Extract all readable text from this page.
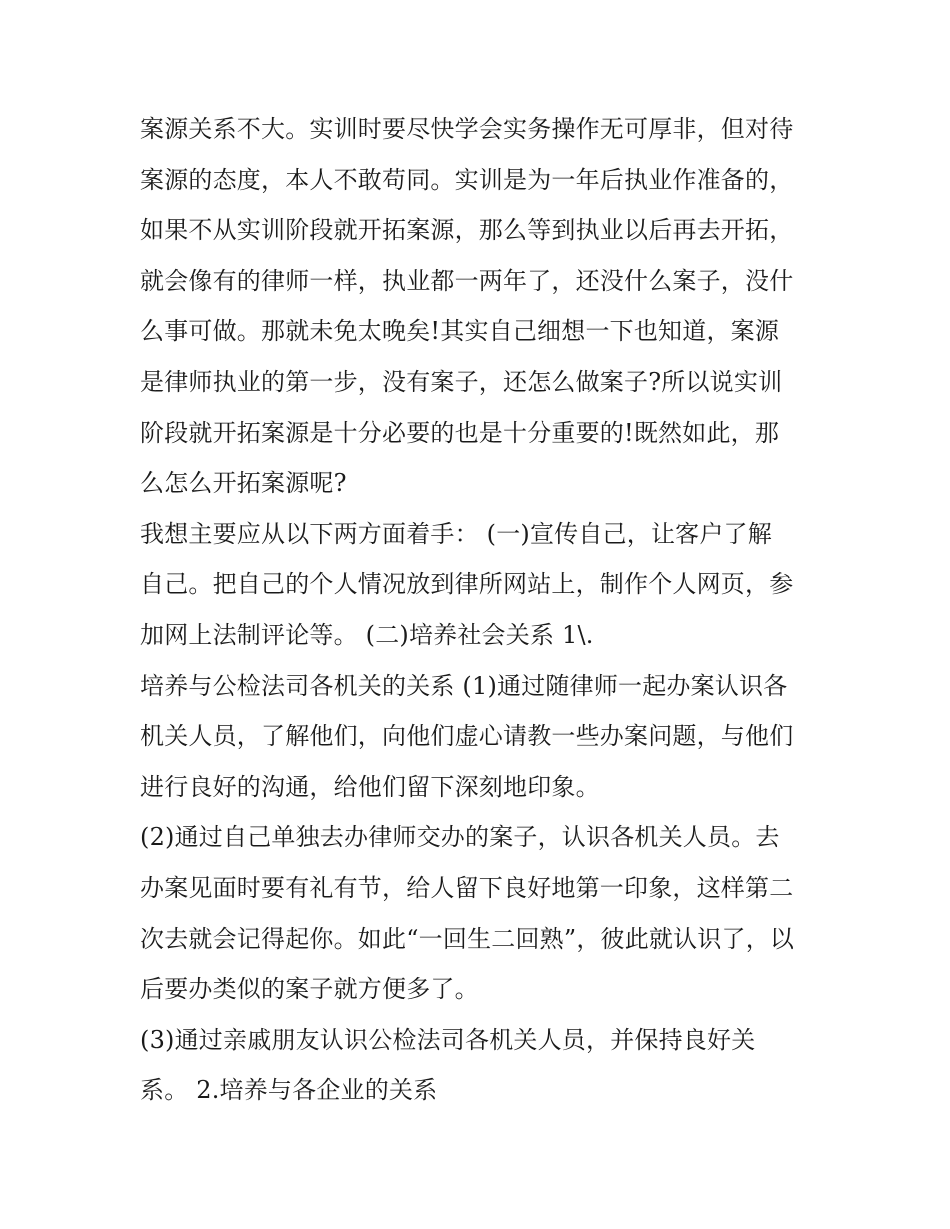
案源关系不大。实训时要尽快学会实务操作无可厚非，但对待
案源的态度，本人不敢苟同。实训是为一年后执业作准备的，
如果不从实训阶段就开拓案源，那么等到执业以后再去开拓，
就会像有的律师一样，执业都一两年了，还没什么案子，没什
么事可做。那就未免太晚矣!其实自己细想一下也知道，案源
是律师执业的第一步，没有案子，还怎么做案子?所以说实训
阶段就开拓案源是十分必要的也是十分重要的!既然如此，那
么怎么开拓案源呢?
我想主要应从以下两方面着手： (一)宣传自己，让客户了解
自己。把自己的个人情况放到律所网站上，制作个人网页，参
加网上法制评论等。 (二)培养社会关系 1\.
培养与公检法司各机关的关系 (1)通过随律师一起办案认识各
机关人员，了解他们，向他们虚心请教一些办案问题，与他们
进行良好的沟通，给他们留下深刻地印象。
(2)通过自己单独去办律师交办的案子，认识各机关人员。去
办案见面时要有礼有节，给人留下良好地第一印象，这样第二
次去就会记得起你。如此“一回生二回熟”，彼此就认识了，以
后要办类似的案子就方便多了。
(3)通过亲戚朋友认识公检法司各机关人员，并保持良好关
系。 2.培养与各企业的关系
